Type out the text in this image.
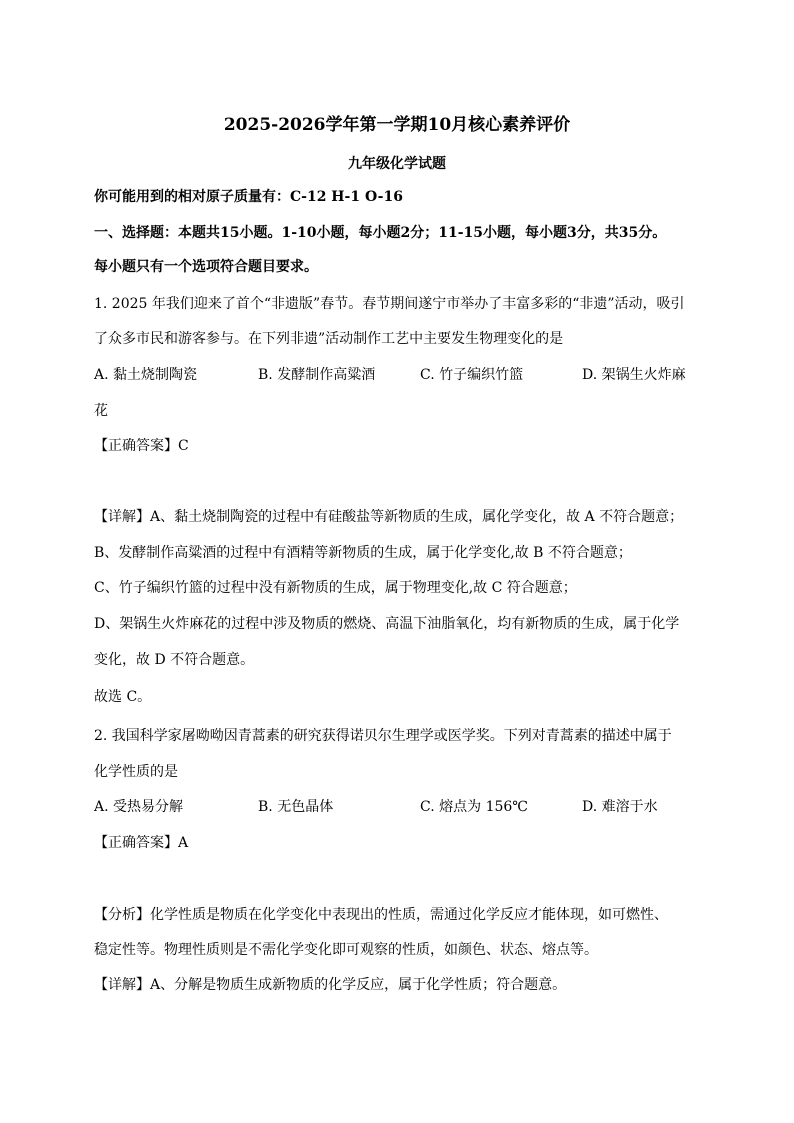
2025-2026学年第一学期10月核心素养评价
九年级化学试题
你可能用到的相对原子质量有：C-12 H-1 O-16
一、选择题：本题共15小题。1-10小题，每小题2分；11-15小题，每小题3分，共35分。
每小题只有一个选项符合题目要求。
1. 2025 年我们迎来了首个“非遗版”春节。春节期间遂宁市举办了丰富多彩的“非遗”活动，吸引
了众多市民和游客参与。在下列非遗”活动制作工艺中主要发生物理变化的是
A. 黏土烧制陶瓷	B. 发酵制作高粱酒	C. 竹子编织竹篮	D. 架锅生火炸麻
花
【正确答案】C
【详解】A、黏土烧制陶瓷的过程中有硅酸盐等新物质的生成，属化学变化，故 A 不符合题意；
B、发酵制作高粱酒的过程中有酒精等新物质的生成，属于化学变化,故 B 不符合题意；
C、竹子编织竹篮的过程中没有新物质的生成，属于物理变化,故 C 符合题意；
D、架锅生火炸麻花的过程中涉及物质的燃烧、高温下油脂氧化，均有新物质的生成，属于化学
变化，故 D 不符合题意。
故选 C。
2. 我国科学家屠呦呦因青蒿素的研究获得诺贝尔生理学或医学奖。下列对青蒿素的描述中属于
化学性质的是
A. 受热易分解	B. 无色晶体	C. 熔点为 156℃	D. 难溶于水
【正确答案】A
【分析】化学性质是物质在化学变化中表现出的性质，需通过化学反应才能体现，如可燃性、
稳定性等。物理性质则是不需化学变化即可观察的性质，如颜色、状态、熔点等。
【详解】A、分解是物质生成新物质的化学反应，属于化学性质；符合题意。
